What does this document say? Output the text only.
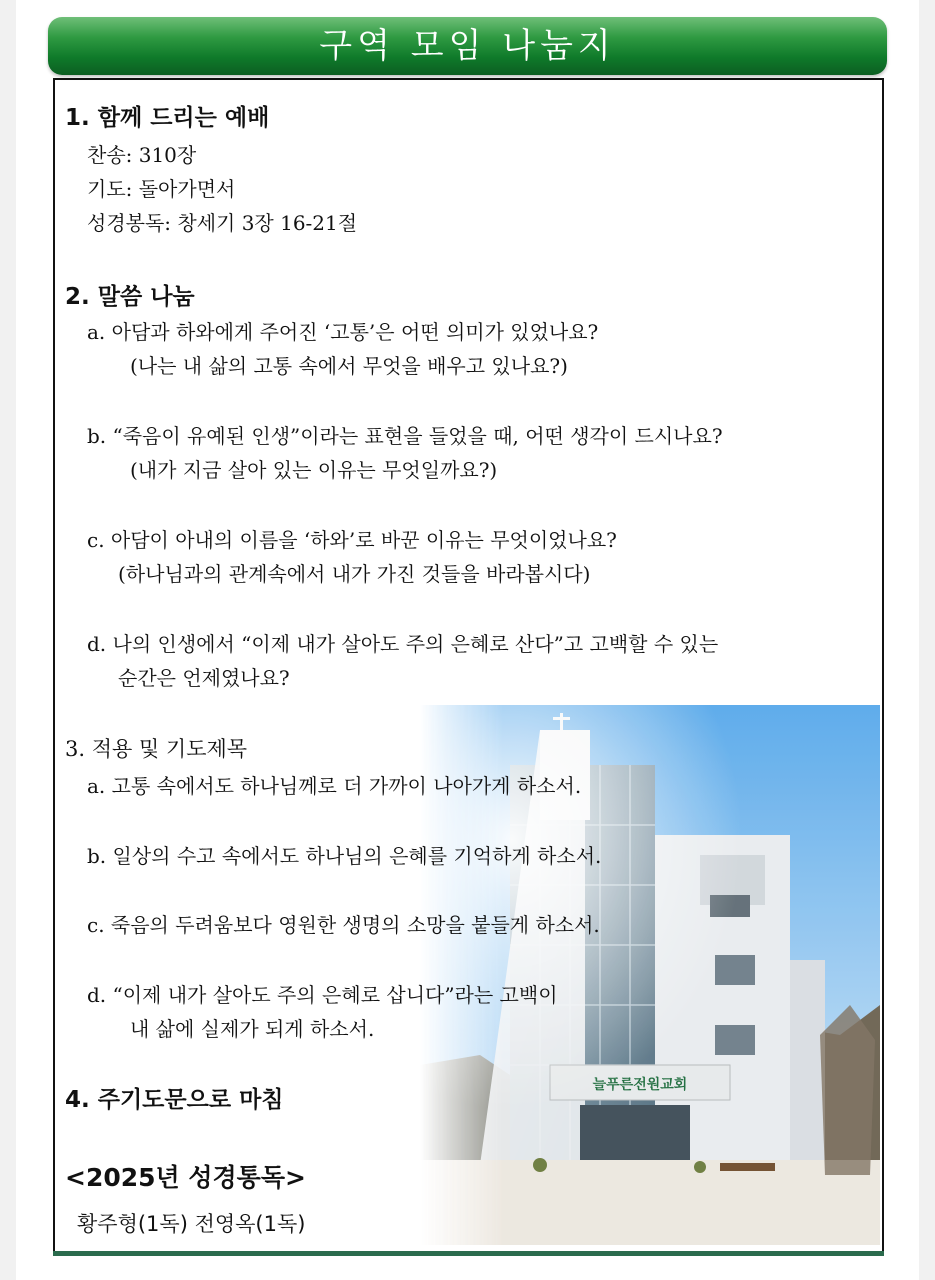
구역 모임 나눔지
1. 함께 드리는 예배
찬송: 310장
기도: 돌아가면서
성경봉독: 창세기 3장 16-21절
2. 말씀 나눔
a. 아담과 하와에게 주어진 ‘고통’은 어떤 의미가 있었나요?
(나는 내 삶의 고통 속에서 무엇을 배우고 있나요?)
b. “죽음이 유예된 인생”이라는 표현을 들었을 때, 어떤 생각이 드시나요?
(내가 지금 살아 있는 이유는 무엇일까요?)
c. 아담이 아내의 이름을 ‘하와’로 바꾼 이유는 무엇이었나요?
(하나님과의 관계속에서 내가 가진 것들을 바라봅시다)
d. 나의 인생에서 “이제 내가 살아도 주의 은혜로 산다”고 고백할 수 있는
순간은 언제였나요?
3. 적용 및 기도제목
a. 고통 속에서도 하나님께로 더 가까이 나아가게 하소서.
b. 일상의 수고 속에서도 하나님의 은혜를 기억하게 하소서.
c. 죽음의 두려움보다 영원한 생명의 소망을 붙들게 하소서.
d. “이제 내가 살아도 주의 은혜로 삽니다”라는 고백이
내 삶에 실제가 되게 하소서.
4. 주기도문으로 마침
<2025년 성경통독>
황주형(1독) 전영옥(1독)
